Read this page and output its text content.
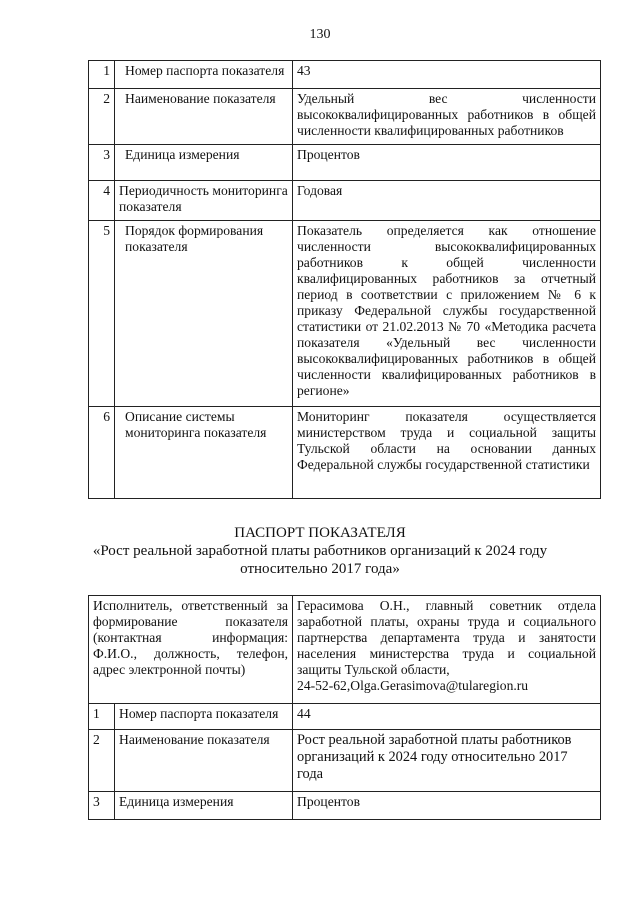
130
1	Номер паспорта показателя	43
2	Наименование показателя	Удельный вес численности высококвалифицированных работников в общей численности квалифицированных работников
3	Единица измерения	Процентов
4	Периодичность мониторинга показателя	Годовая
5	Порядок формирования показателя	Показатель определяется как отношение численности высококвалифицированных работников к общей численности квалифицированных работников за отчетный период в соответствии с приложением № 6 к приказу Федеральной службы государственной статистики от 21.02.2013 № 70 «Методика расчета показателя «Удельный вес численности высококвалифицированных работников в общей численности квалифицированных работников в регионе»
6	Описание системы мониторинга показателя	Мониторинг показателя осуществляется министерством труда и социальной защиты Тульской области на основании данных Федеральной службы государственной статистики
ПАСПОРТ ПОКАЗАТЕЛЯ
«Рост реальной заработной платы работников организаций к 2024 году
относительно 2017 года»
Исполнитель, ответственный за формирование показателя (контактная информация: Ф.И.О., должность, телефон, адрес электронной почты)		Герасимова О.Н., главный советник отдела заработной платы, охраны труда и социального партнерства департамента труда и занятости населения министерства труда и социальной защиты Тульской области,
24-52-62,Olga.Gerasimova@tularegion.ru

1	Номер паспорта показателя	44
2	Наименование показателя	Рост реальной заработной платы работников организаций к 2024 году относительно 2017 года
3	Единица измерения	Процентов
